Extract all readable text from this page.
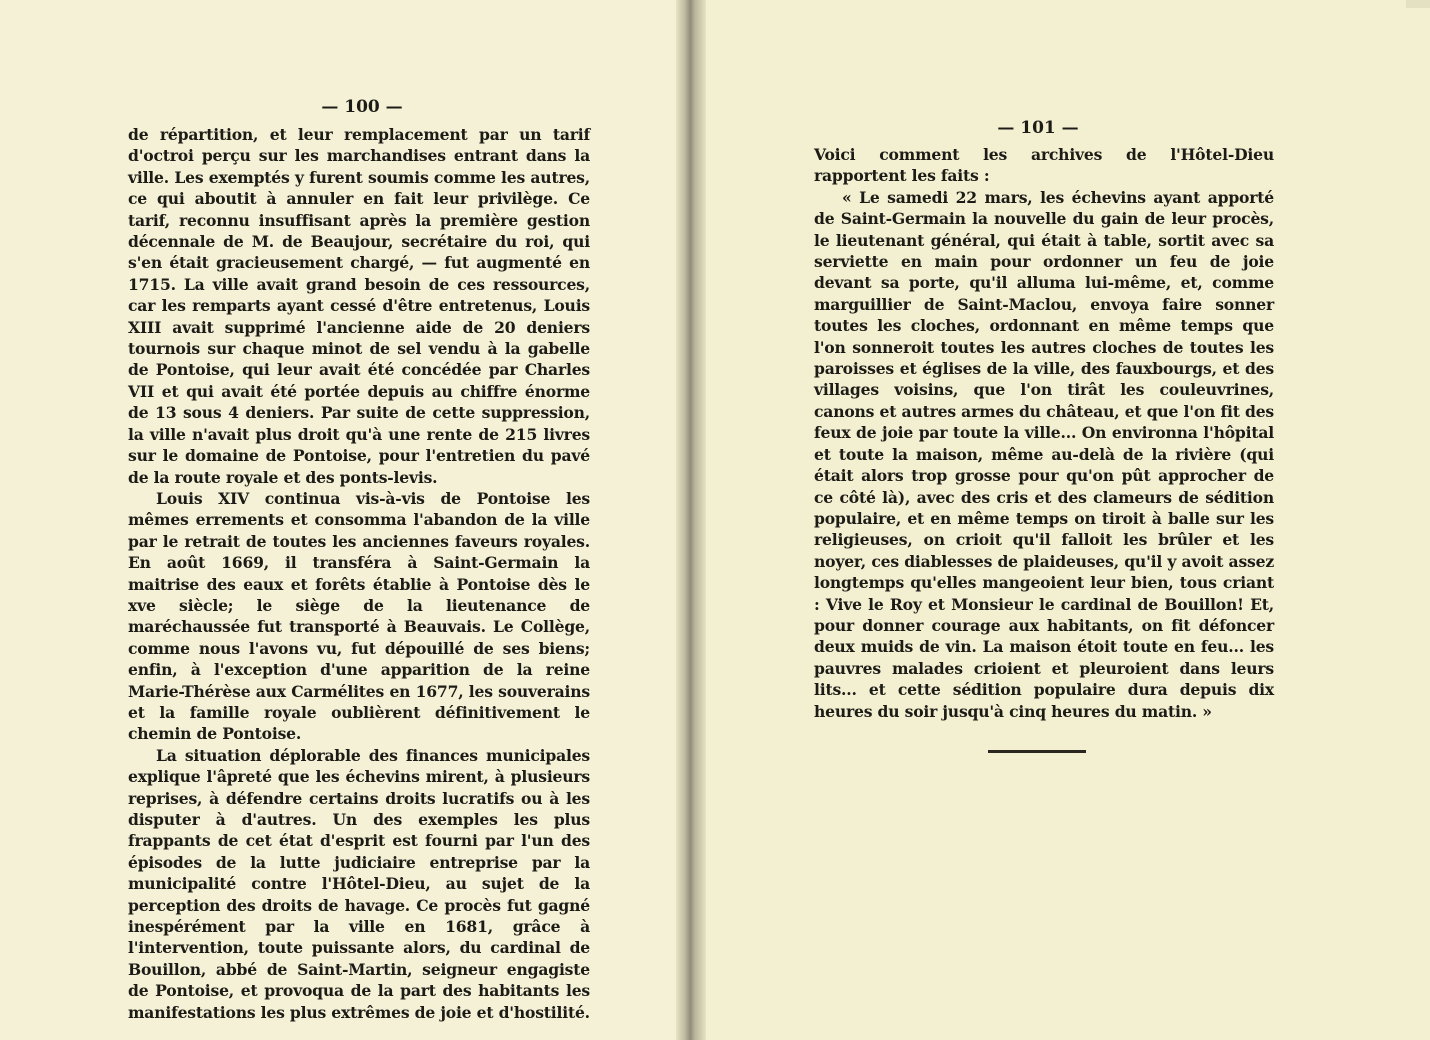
— 100 —

de répartition, et leur remplacement par un tarif d'octroi perçu sur les marchandises entrant dans la ville. Les exemptés y furent soumis comme les autres, ce qui aboutit à annuler en fait leur privilège. Ce tarif, reconnu insuffisant après la première gestion décennale de M. de Beaujour, secrétaire du roi, qui s'en était gracieusement chargé, — fut augmenté en 1715. La ville avait grand besoin de ces ressources, car les remparts ayant cessé d'être entretenus, Louis XIII avait supprimé l'ancienne aide de 20 deniers tournois sur chaque minot de sel vendu à la gabelle de Pontoise, qui leur avait été concédée par Charles VII et qui avait été portée depuis au chiffre énorme de 13 sous 4 deniers. Par suite de cette suppression, la ville n'avait plus droit qu'à une rente de 215 livres sur le domaine de Pontoise, pour l'entretien du pavé de la route royale et des ponts-levis.

Louis XIV continua vis-à-vis de Pontoise les mêmes errements et consomma l'abandon de la ville par le retrait de toutes les anciennes faveurs royales. En août 1669, il transféra à Saint-Germain la maitrise des eaux et forêts établie à Pontoise dès le xve siècle; le siège de la lieutenance de maréchaussée fut transporté à Beauvais. Le Collège, comme nous l'avons vu, fut dépouillé de ses biens; enfin, à l'exception d'une apparition de la reine Marie-Thérèse aux Carmélites en 1677, les souverains et la famille royale oublièrent définitivement le chemin de Pontoise.

La situation déplorable des finances municipales explique l'âpreté que les échevins mirent, à plusieurs reprises, à défendre certains droits lucratifs ou à les disputer à d'autres. Un des exemples les plus frappants de cet état d'esprit est fourni par l'un des épisodes de la lutte judiciaire entreprise par la municipalité contre l'Hôtel-Dieu, au sujet de la perception des droits de havage. Ce procès fut gagné inespérément par la ville en 1681, grâce à l'intervention, toute puissante alors, du cardinal de Bouillon, abbé de Saint-Martin, seigneur engagiste de Pontoise, et provoqua de la part des habitants les manifestations les plus extrêmes de joie et d'hostilité.

— 101 —

Voici comment les archives de l'Hôtel-Dieu rapportent les faits :

« Le samedi 22 mars, les échevins ayant apporté de Saint-Germain la nouvelle du gain de leur procès, le lieutenant général, qui était à table, sortit avec sa serviette en main pour ordonner un feu de joie devant sa porte, qu'il alluma lui-même, et, comme marguillier de Saint-Maclou, envoya faire sonner toutes les cloches, ordonnant en même temps que l'on sonneroit toutes les autres cloches de toutes les paroisses et églises de la ville, des fauxbourgs, et des villages voisins, que l'on tirât les couleuvrines, canons et autres armes du château, et que l'on fit des feux de joie par toute la ville... On environna l'hôpital et toute la maison, même au-delà de la rivière (qui était alors trop grosse pour qu'on pût approcher de ce côté là), avec des cris et des clameurs de sédition populaire, et en même temps on tiroit à balle sur les religieuses, on crioit qu'il falloit les brûler et les noyer, ces diablesses de plaideuses, qu'il y avoit assez longtemps qu'elles mangeoient leur bien, tous criant : Vive le Roy et Monsieur le cardinal de Bouillon! Et, pour donner courage aux habitants, on fit défoncer deux muids de vin. La maison étoit toute en feu... les pauvres malades crioient et pleuroient dans leurs lits... et cette sédition populaire dura depuis dix heures du soir jusqu'à cinq heures du matin. »
